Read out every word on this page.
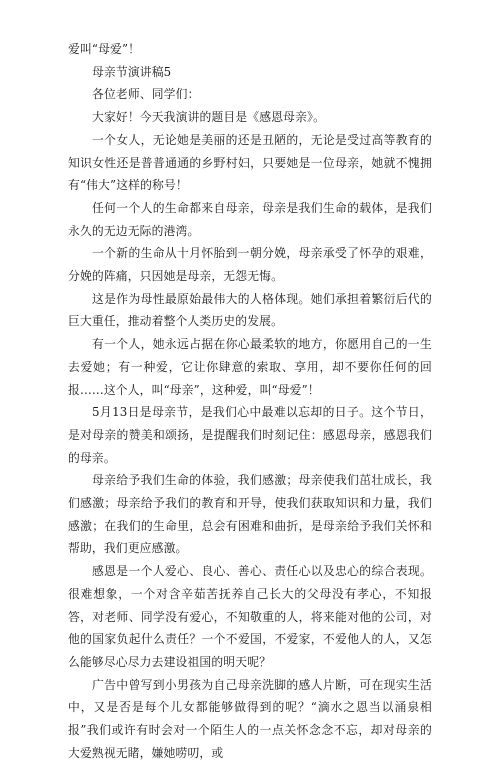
爱叫“母爱”！

母亲节演讲稿5

各位老师、同学们：

大家好！今天我演讲的题目是《感恩母亲》。

一个女人，无论她是美丽的还是丑陋的，无论是受过高等教育的知识女性还是普普通通的乡野村妇，只要她是一位母亲，她就不愧拥有“伟大”这样的称号！

任何一个人的生命都来自母亲，母亲是我们生命的载体，是我们永久的无边无际的港湾。

一个新的生命从十月怀胎到一朝分娩，母亲承受了怀孕的艰难，分娩的阵痛，只因她是母亲，无怨无悔。

这是作为母性最原始最伟大的人格体现。她们承担着繁衍后代的巨大重任，推动着整个人类历史的发展。

有一个人，她永远占据在你心最柔软的地方，你愿用自己的一生去爱她；有一种爱，它让你肆意的索取、享用，却不要你任何的回报……这个人，叫“母亲”，这种爱，叫“母爱”！

5月13日是母亲节，是我们心中最难以忘却的日子。这个节日，是对母亲的赞美和颂扬，是提醒我们时刻记住：感恩母亲，感恩我们的母亲。

母亲给予我们生命的体验，我们感激；母亲使我们茁壮成长，我们感激；母亲给予我们的教育和开导，使我们获取知识和力量，我们感激；在我们的生命里，总会有困难和曲折，是母亲给予我们关怀和帮助，我们更应感激。

感恩是一个人爱心、良心、善心、责任心以及忠心的综合表现。很难想象，一个对含辛茹苦抚养自己长大的父母没有孝心，不知报答，对老师、同学没有爱心，不知敬重的人，将来能对他的公司，对他的国家负起什么责任？一个不爱国，不爱家，不爱他人的人，又怎么能够尽心尽力去建设祖国的明天呢？

广告中曾写到小男孩为自己母亲洗脚的感人片断，可在现实生活中，又是否是每个儿女都能够做得到的呢？“滴水之恩当以涌泉相报”我们或许有时会对一个陌生人的一点关怀念念不忘，却对母亲的大爱熟视无睹，嫌她唠叨，或
